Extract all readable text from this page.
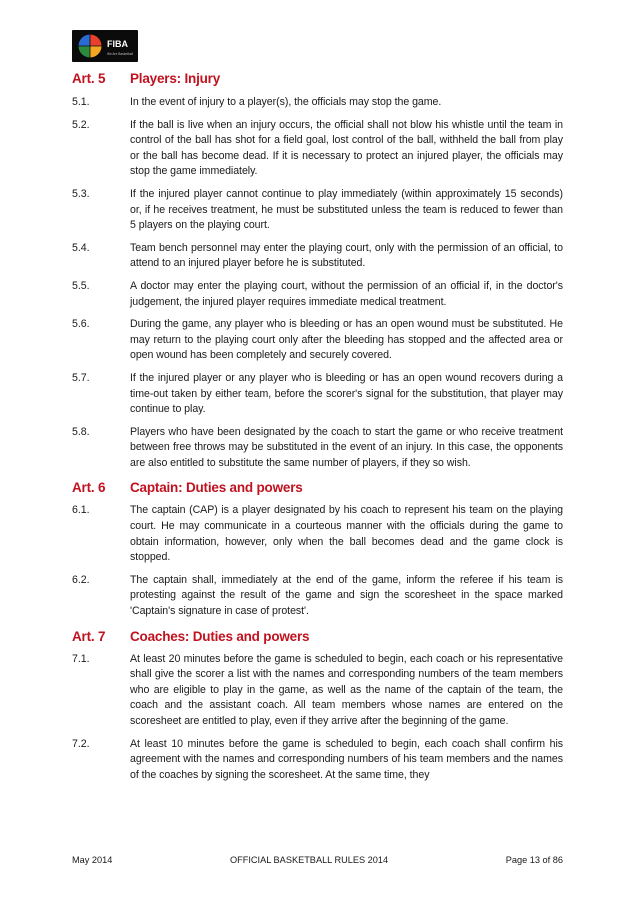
FIBA
We Are Basketball
Art. 5	Players: Injury
5.1.	In the event of injury to a player(s), the officials may stop the game.
5.2.	If the ball is live when an injury occurs, the official shall not blow his whistle until the team in control of the ball has shot for a field goal, lost control of the ball, withheld the ball from play or the ball has become dead. If it is necessary to protect an injured player, the officials may stop the game immediately.
5.3.	If the injured player cannot continue to play immediately (within approximately 15 seconds) or, if he receives treatment, he must be substituted unless the team is reduced to fewer than 5 players on the playing court.
5.4.	Team bench personnel may enter the playing court, only with the permission of an official, to attend to an injured player before he is substituted.
5.5.	A doctor may enter the playing court, without the permission of an official if, in the doctor's judgement, the injured player requires immediate medical treatment.
5.6.	During the game, any player who is bleeding or has an open wound must be substituted. He may return to the playing court only after the bleeding has stopped and the affected area or open wound has been completely and securely covered.
5.7.	If the injured player or any player who is bleeding or has an open wound recovers during a time-out taken by either team, before the scorer's signal for the substitution, that player may continue to play.
5.8.	Players who have been designated by the coach to start the game or who receive treatment between free throws may be substituted in the event of an injury. In this case, the opponents are also entitled to substitute the same number of players, if they so wish.
Art. 6	Captain: Duties and powers
6.1.	The captain (CAP) is a player designated by his coach to represent his team on the playing court. He may communicate in a courteous manner with the officials during the game to obtain information, however, only when the ball becomes dead and the game clock is stopped.
6.2.	The captain shall, immediately at the end of the game, inform the referee if his team is protesting against the result of the game and sign the scoresheet in the space marked 'Captain's signature in case of protest'.
Art. 7	Coaches: Duties and powers
7.1.	At least 20 minutes before the game is scheduled to begin, each coach or his representative shall give the scorer a list with the names and corresponding numbers of the team members who are eligible to play in the game, as well as the name of the captain of the team, the coach and the assistant coach. All team members whose names are entered on the scoresheet are entitled to play, even if they arrive after the beginning of the game.
7.2.	At least 10 minutes before the game is scheduled to begin, each coach shall confirm his agreement with the names and corresponding numbers of his team members and the names of the coaches by signing the scoresheet. At the same time, they
May 2014	OFFICIAL BASKETBALL RULES 2014	Page 13 of 86
